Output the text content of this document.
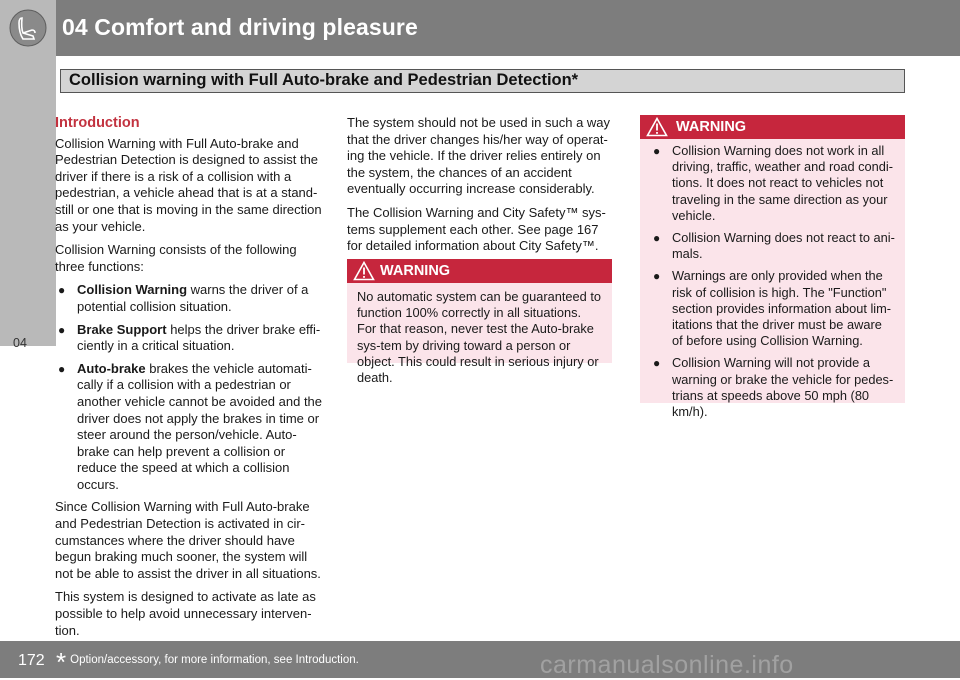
04 Comfort and driving pleasure
Collision warning with Full Auto-brake and Pedestrian Detection*
04
Introduction

Collision Warning with Full Auto-brake and Pedestrian Detection is designed to assist the driver if there is a risk of a collision with a pedestrian, a vehicle ahead that is at a stand-still or one that is moving in the same direction as your vehicle.

Collision Warning consists of the following three functions:

● Collision Warning warns the driver of a potential collision situation.
● Brake Support helps the driver brake effi-ciently in a critical situation.
● Auto-brake brakes the vehicle automati-cally if a collision with a pedestrian or another vehicle cannot be avoided and the driver does not apply the brakes in time or steer around the person/vehicle. Auto-brake can help prevent a collision or reduce the speed at which a collision occurs.

Since Collision Warning with Full Auto-brake and Pedestrian Detection is activated in cir-cumstances where the driver should have begun braking much sooner, the system will not be able to assist the driver in all situations.

This system is designed to activate as late as possible to help avoid unnecessary interven-tion.

The system should not be used in such a way that the driver changes his/her way of operat-ing the vehicle. If the driver relies entirely on the system, the chances of an accident eventually occurring increase considerably.

The Collision Warning and City Safety™ sys-tems supplement each other. See page 167 for detailed information about City Safety™.

WARNING
No automatic system can be guaranteed to function 100% correctly in all situations. For that reason, never test the Auto-brake sys-tem by driving toward a person or object. This could result in serious injury or death.
WARNING
● Collision Warning does not work in all driving, traffic, weather and road condi-tions. It does not react to vehicles not traveling in the same direction as your vehicle.
● Collision Warning does not react to ani-mals.
● Warnings are only provided when the risk of collision is high. The "Function" section provides information about lim-itations that the driver must be aware of before using Collision Warning.
● Collision Warning will not provide a warning or brake the vehicle for pedes-trians at speeds above 50 mph (80 km/h).
172 * Option/accessory, for more information, see Introduction.	carmanualsonline.info
